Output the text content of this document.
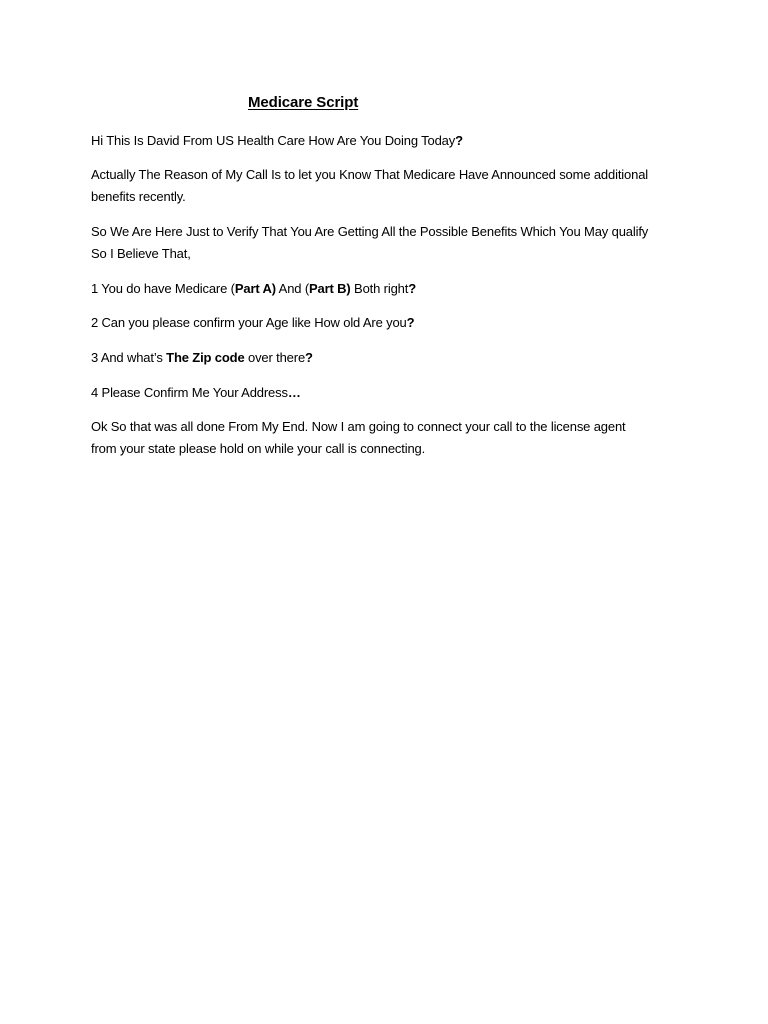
Medicare Script

Hi This Is David From US Health Care How Are You Doing Today?

Actually The Reason of My Call Is to let you Know That Medicare Have Announced some additional benefits recently.

So We Are Here Just to Verify That You Are Getting All the Possible Benefits Which You May qualify So I Believe That,

1 You do have Medicare (Part A) And (Part B) Both right?

2 Can you please confirm your Age like How old Are you?

3 And what’s The Zip code over there?

4 Please Confirm Me Your Address…

Ok So that was all done From My End. Now I am going to connect your call to the license agent from your state please hold on while your call is connecting.
